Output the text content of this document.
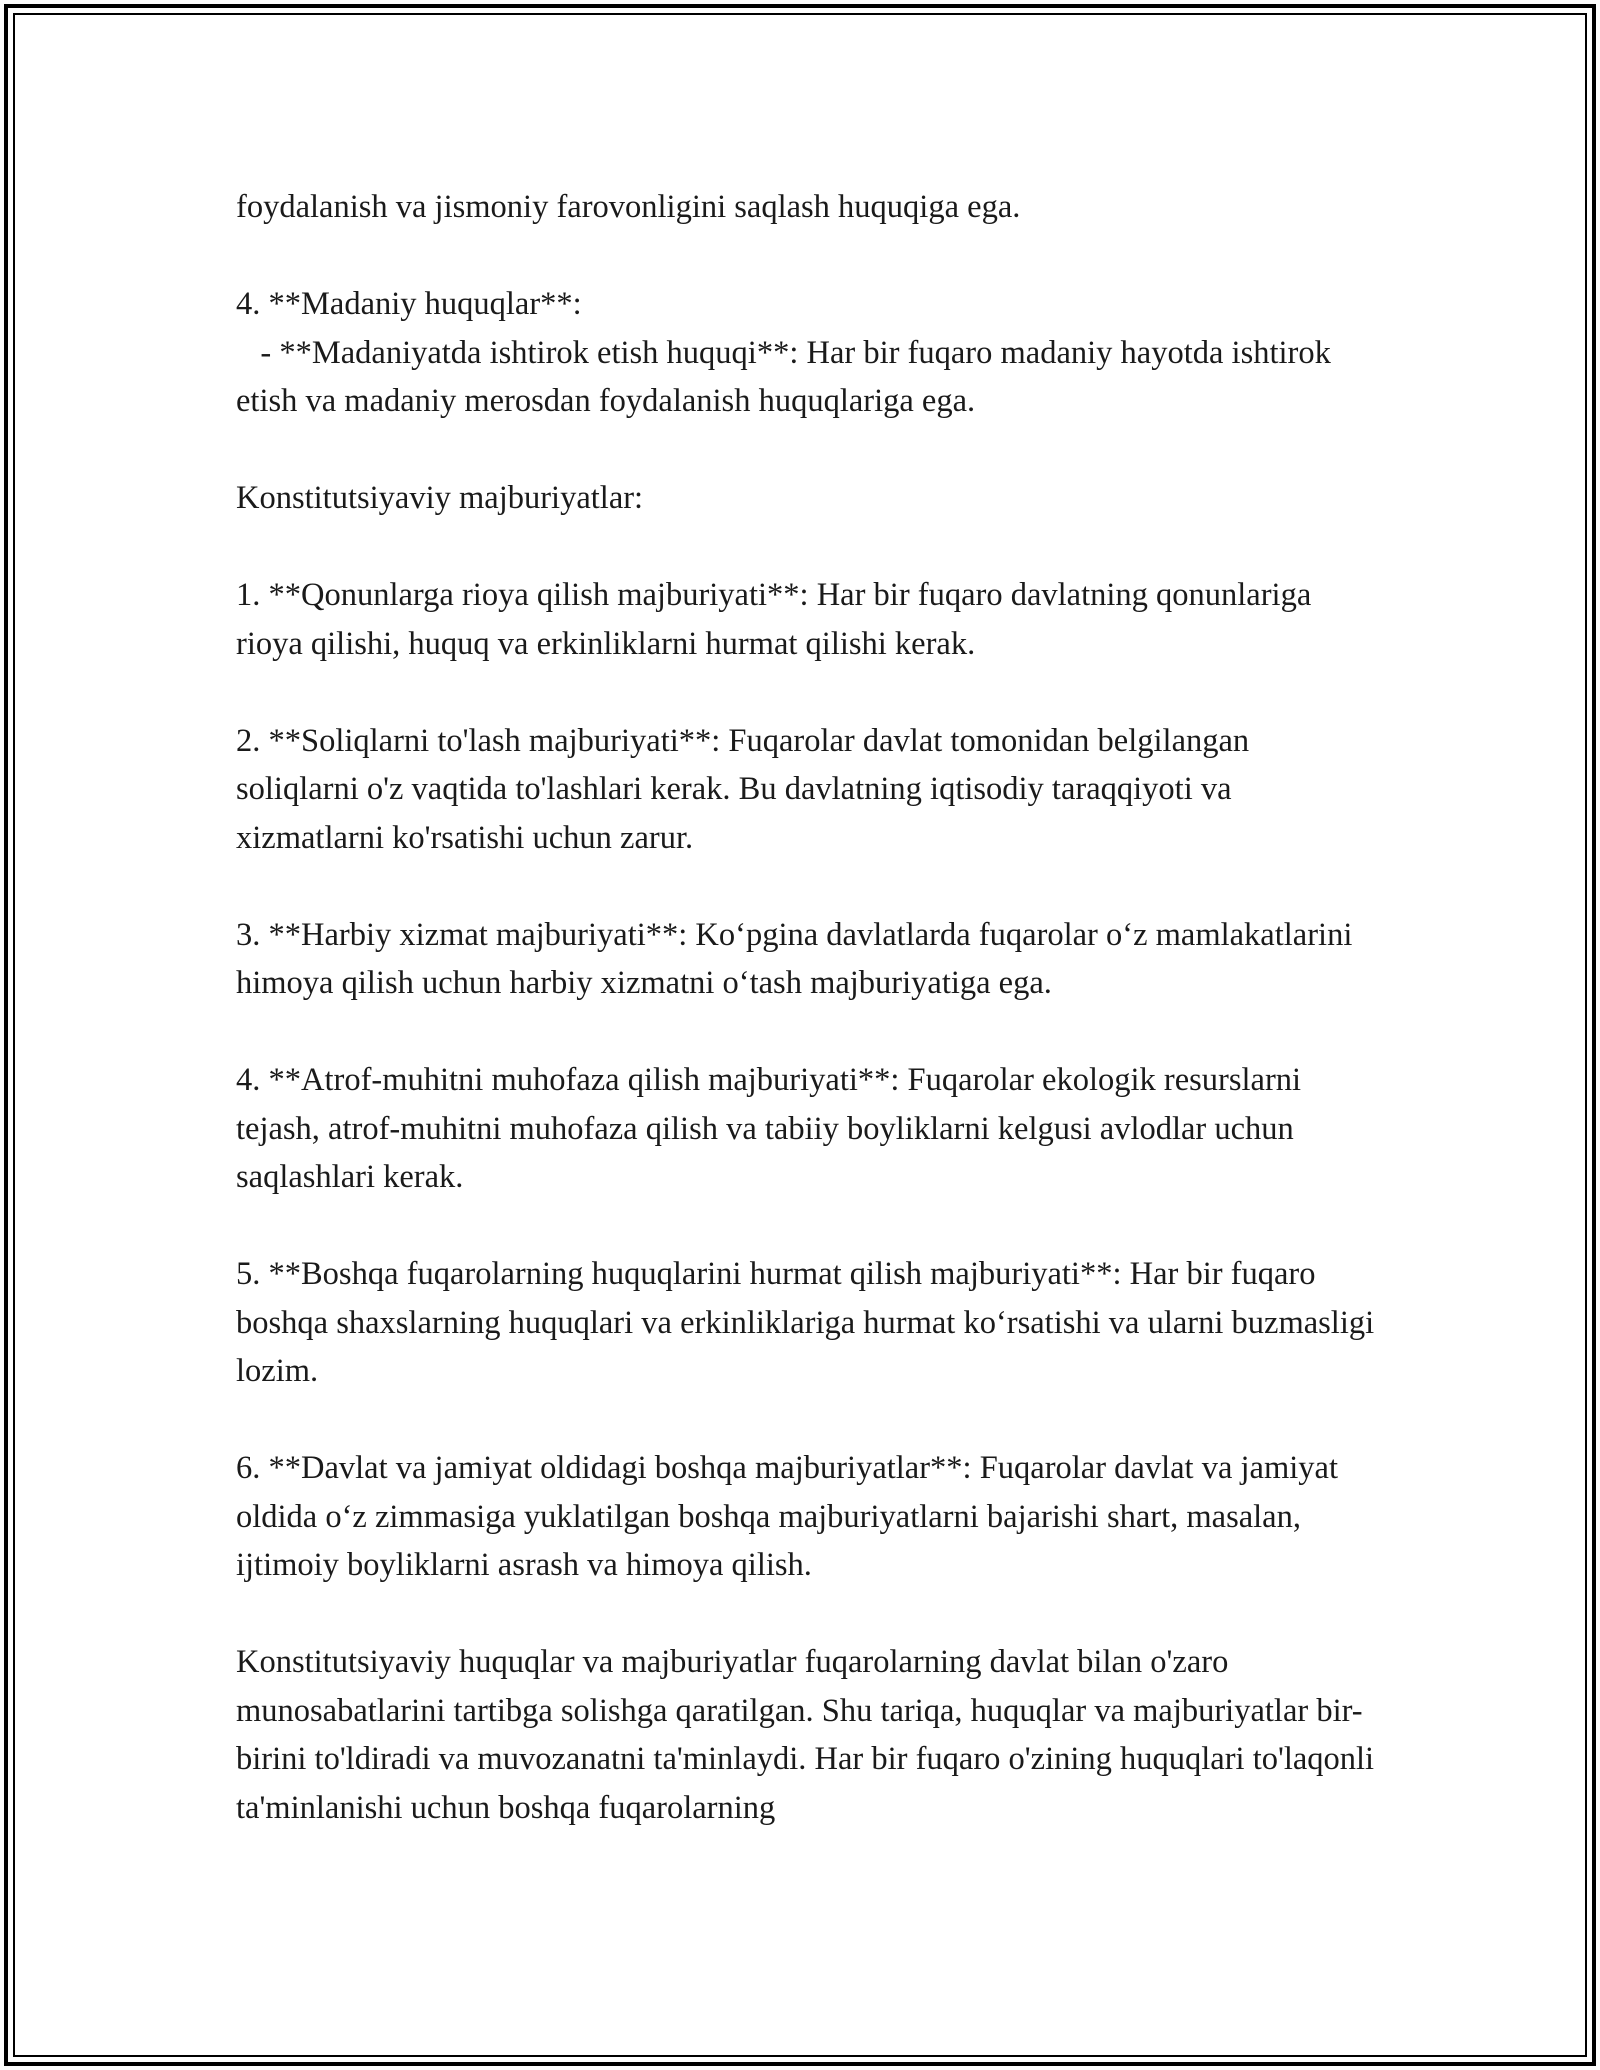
foydalanish va jismoniy farovonligini saqlash huquqiga ega.

4. **Madaniy huquqlar**:
- **Madaniyatda ishtirok etish huquqi**: Har bir fuqaro madaniy hayotda ishtirok etish va madaniy merosdan foydalanish huquqlariga ega.

Konstitutsiyaviy majburiyatlar:

1. **Qonunlarga rioya qilish majburiyati**: Har bir fuqaro davlatning qonunlariga rioya qilishi, huquq va erkinliklarni hurmat qilishi kerak.

2. **Soliqlarni to'lash majburiyati**: Fuqarolar davlat tomonidan belgilangan soliqlarni o'z vaqtida to'lashlari kerak. Bu davlatning iqtisodiy taraqqiyoti va xizmatlarni ko'rsatishi uchun zarur.

3. **Harbiy xizmat majburiyati**: Ko‘pgina davlatlarda fuqarolar o‘z mamlakatlarini himoya qilish uchun harbiy xizmatni o‘tash majburiyatiga ega.

4. **Atrof-muhitni muhofaza qilish majburiyati**: Fuqarolar ekologik resurslarni tejash, atrof-muhitni muhofaza qilish va tabiiy boyliklarni kelgusi avlodlar uchun saqlashlari kerak.

5. **Boshqa fuqarolarning huquqlarini hurmat qilish majburiyati**: Har bir fuqaro boshqa shaxslarning huquqlari va erkinliklariga hurmat ko‘rsatishi va ularni buzmasligi lozim.

6. **Davlat va jamiyat oldidagi boshqa majburiyatlar**: Fuqarolar davlat va jamiyat oldida o‘z zimmasiga yuklatilgan boshqa majburiyatlarni bajarishi shart, masalan, ijtimoiy boyliklarni asrash va himoya qilish.

Konstitutsiyaviy huquqlar va majburiyatlar fuqarolarning davlat bilan o'zaro munosabatlarini tartibga solishga qaratilgan. Shu tariqa, huquqlar va majburiyatlar bir-birini to'ldiradi va muvozanatni ta'minlaydi. Har bir fuqaro o'zining huquqlari to'laqonli ta'minlanishi uchun boshqa fuqarolarning
